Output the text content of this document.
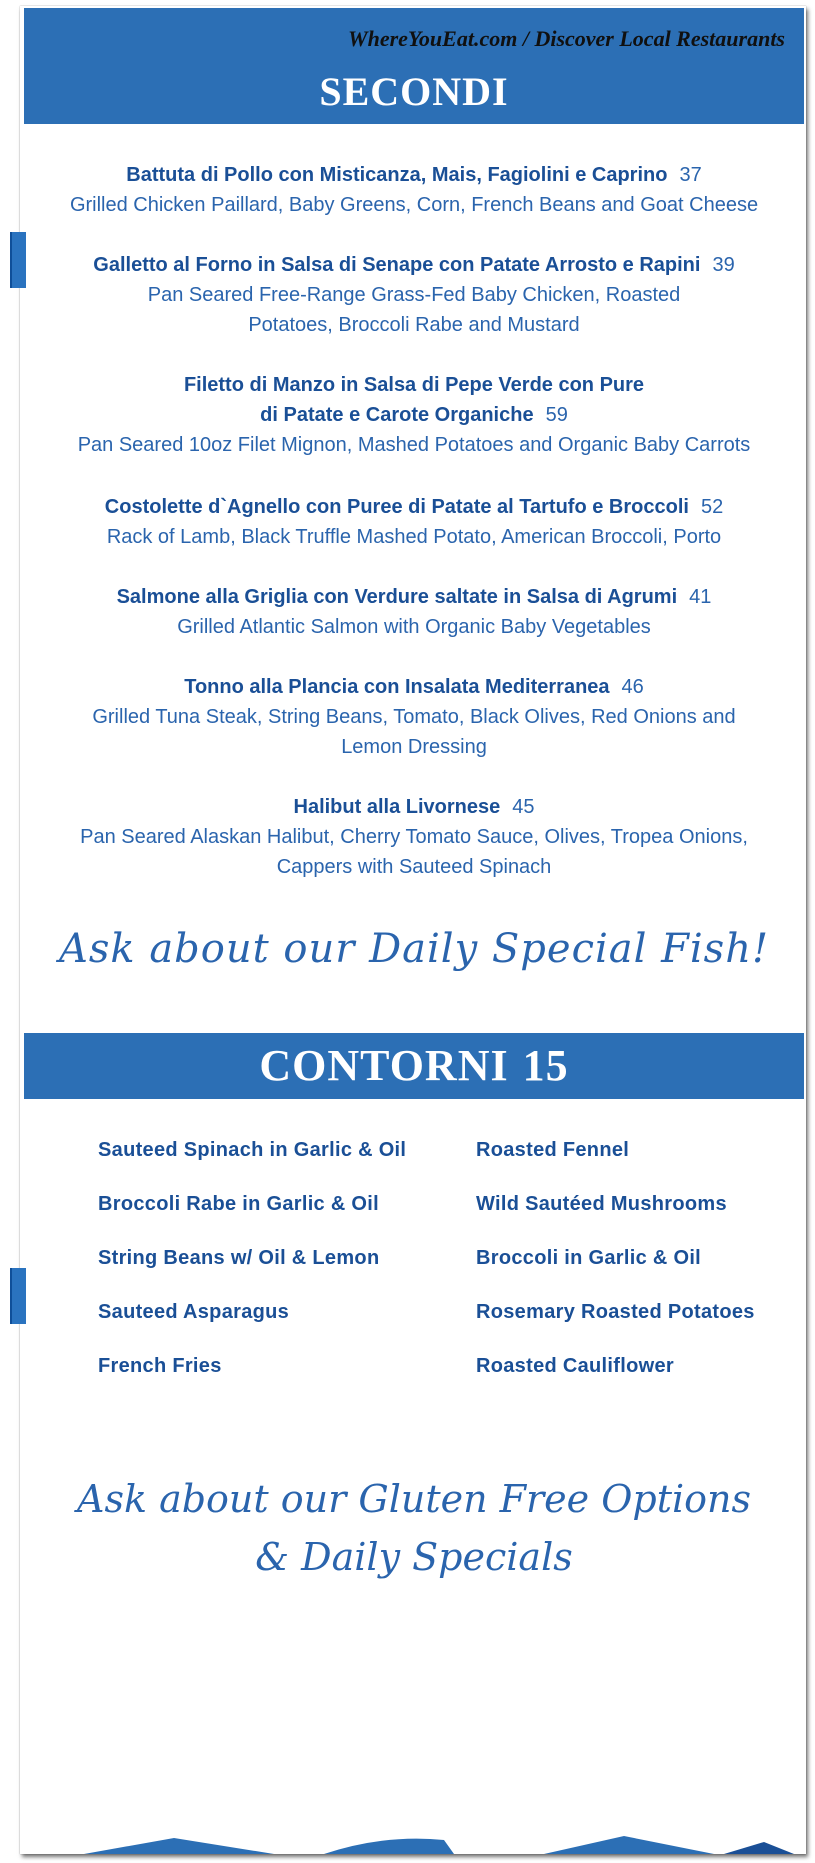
WhereYouEat.com / Discover Local Restaurants
SECONDI
Battuta di Pollo con Misticanza, Mais, Fagiolini e Caprino 37
Grilled Chicken Paillard, Baby Greens, Corn, French Beans and Goat Cheese
Galletto al Forno in Salsa di Senape con Patate Arrosto e Rapini 39
Pan Seared Free-Range Grass-Fed Baby Chicken, Roasted Potatoes, Broccoli Rabe and Mustard
Filetto di Manzo in Salsa di Pepe Verde con Pure di Patate e Carote Organiche 59
Pan Seared 10oz Filet Mignon, Mashed Potatoes and Organic Baby Carrots
Costolette d`Agnello con Puree di Patate al Tartufo e Broccoli 52
Rack of Lamb, Black Truffle Mashed Potato, American Broccoli, Porto
Salmone alla Griglia con Verdure saltate in Salsa di Agrumi 41
Grilled Atlantic Salmon with Organic Baby Vegetables
Tonno alla Plancia con Insalata Mediterranea 46
Grilled Tuna Steak, String Beans, Tomato, Black Olives, Red Onions and Lemon Dressing
Halibut alla Livornese 45
Pan Seared Alaskan Halibut, Cherry Tomato Sauce, Olives, Tropea Onions, Cappers with Sauteed Spinach
Ask about our Daily Special Fish!
CONTORNI 15
Sauteed Spinach in Garlic & Oil	Roasted Fennel
Broccoli Rabe in Garlic & Oil	Wild Sautéed Mushrooms
String Beans w/ Oil & Lemon	Broccoli in Garlic & Oil
Sauteed Asparagus	Rosemary Roasted Potatoes
French Fries	Roasted Cauliflower
Ask about our Gluten Free Options
& Daily Specials
